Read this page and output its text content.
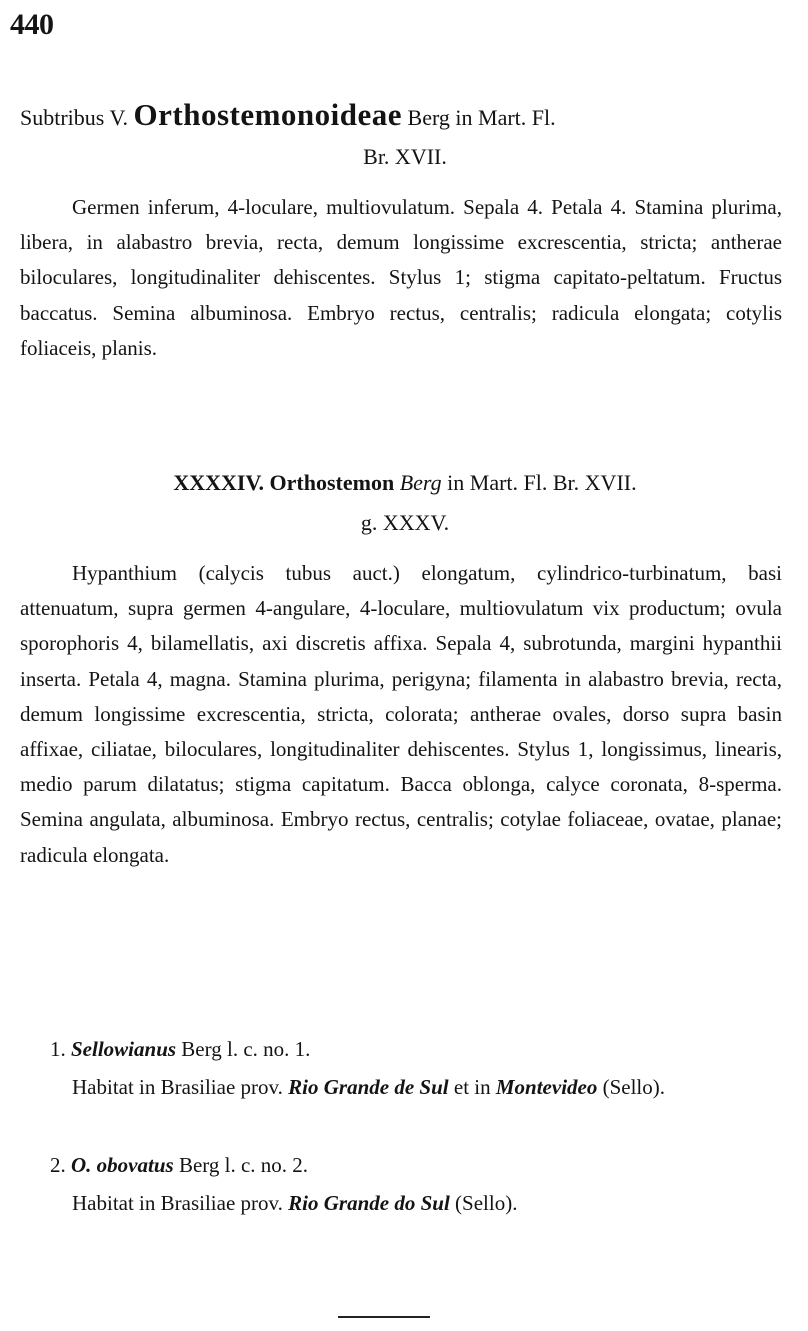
440
Subtribus V. Orthostemonoideae Berg in Mart. Fl.
Br. XVII.

Germen inferum, 4-loculare, multiovulatum. Sepala 4. Petala 4. Stamina plurima, libera, in alabastro brevia, recta, demum longissime excrescentia, stricta; antherae biloculares, longitudinaliter dehiscentes. Stylus 1; stigma capitato-peltatum. Fructus baccatus. Semina albuminosa. Embryo rectus, centralis; radicula elongata; cotylis foliaceis, planis.

XXXXIV. Orthostemon Berg in Mart. Fl. Br. XVII.
g. XXXV.

Hypanthium (calycis tubus auct.) elongatum, cylindrico-turbinatum, basi attenuatum, supra germen 4-angulare, 4-loculare, multiovulatum vix productum; ovula sporophoris 4, bilamellatis, axi discretis affixa. Sepala 4, subrotunda, margini hypanthii inserta. Petala 4, magna. Stamina plurima, perigyna; filamenta in alabastro brevia, recta, demum longissime excrescentia, stricta, colorata; antherae ovales, dorso supra basin affixae, ciliatae, biloculares, longitudinaliter dehiscentes. Stylus 1, longissimus, linearis, medio parum dilatatus; stigma capitatum. Bacca oblonga, calyce coronata, 8-sperma. Semina angulata, albuminosa. Embryo rectus, centralis; cotylae foliaceae, ovatae, planae; radicula elongata.

1. Sellowianus Berg l. c. no. 1.

Habitat in Brasiliae prov. Rio Grande de Sul et in Montevideo (Sello).

2. O. obovatus Berg l. c. no. 2.
Habitat in Brasiliae prov. Rio Grande do Sul (Sello).
